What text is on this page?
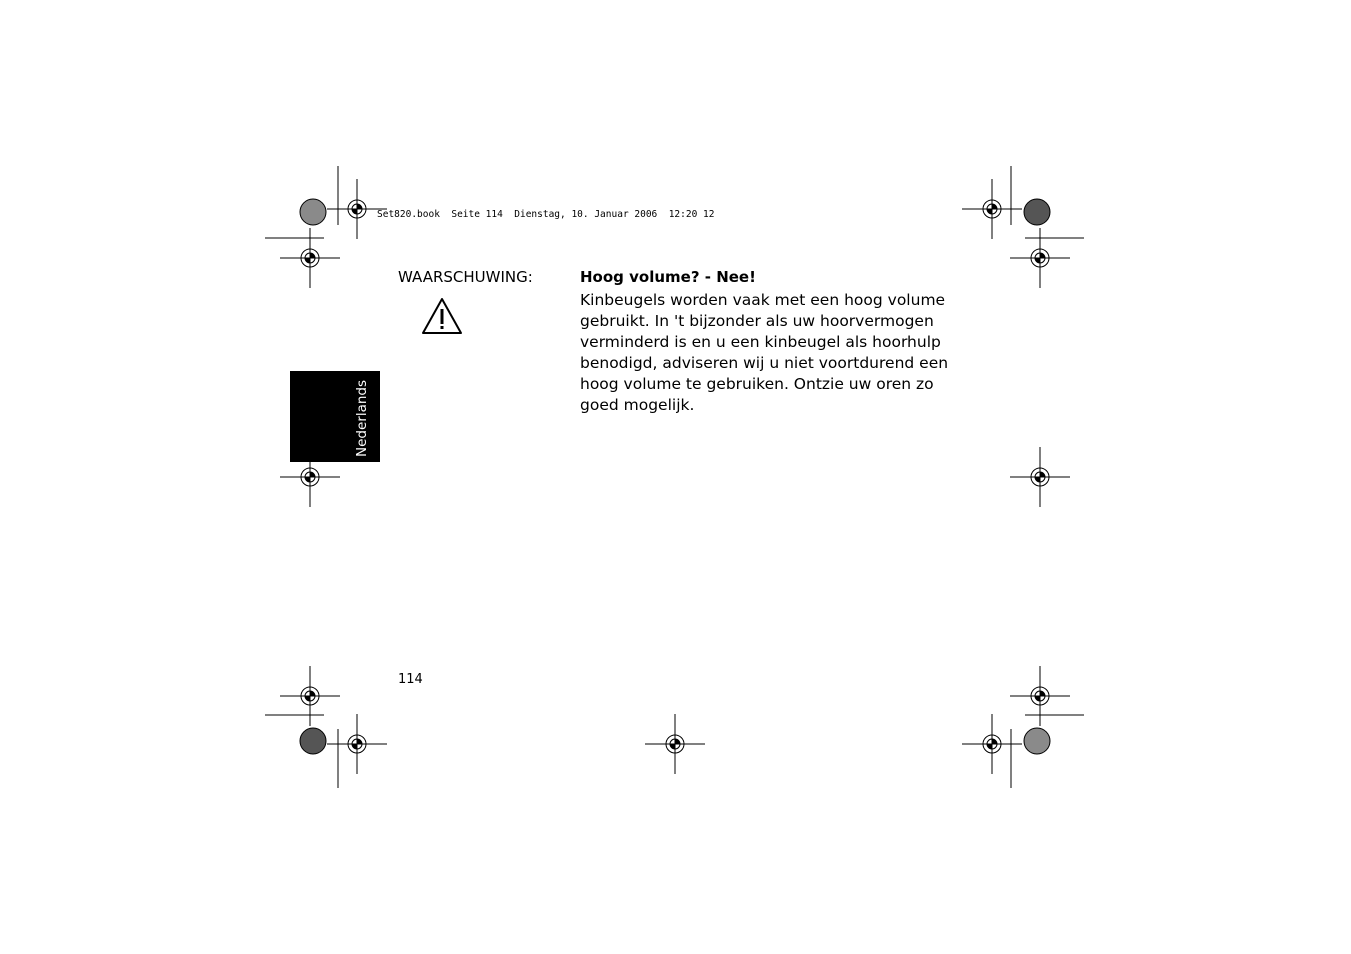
Set820.book  Seite 114  Dienstag, 10. Januar 2006  12:20 12
WAARSCHUWING:	Hoog volume? - Nee!
Kinbeugels worden vaak met een hoog volume gebruikt. In 't bijzonder als uw hoorvermogen verminderd is en u een kinbeugel als hoorhulp benodigd, adviseren wij u niet voortdurend een hoog volume te gebruiken. Ontzie uw oren zo goed mogelijk.
Nederlands
114
